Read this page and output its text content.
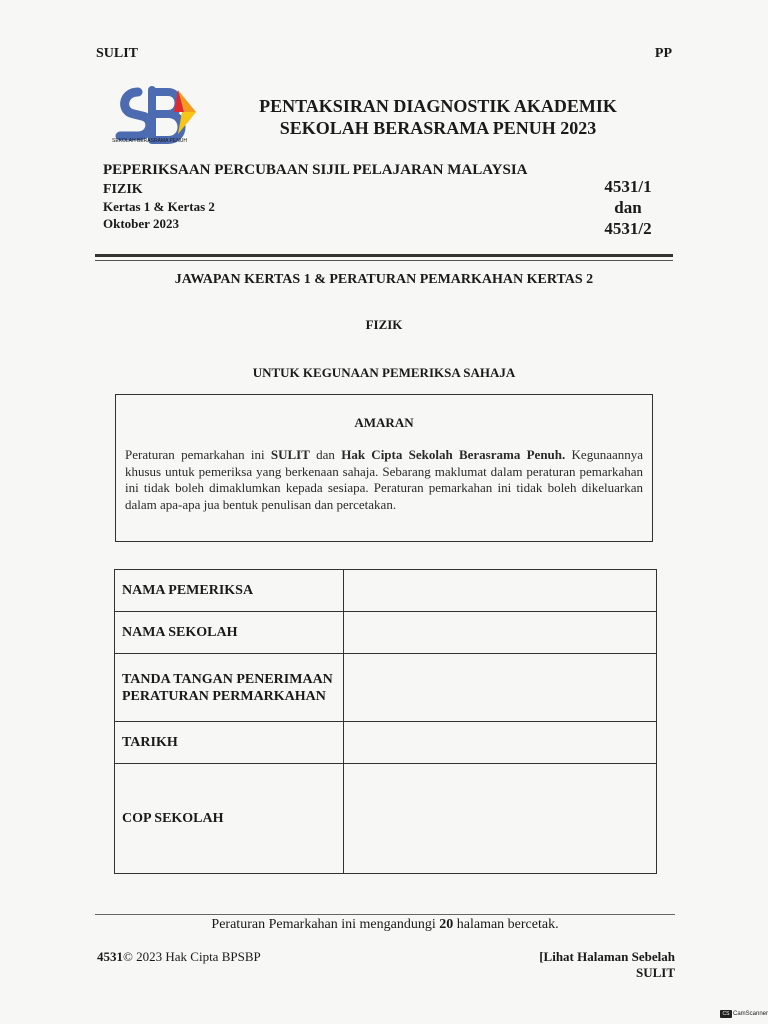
SULIT	PP
SEKOLAH BERASRAMA PENUH
PENTAKSIRAN DIAGNOSTIK AKADEMIK
SEKOLAH BERASRAMA PENUH 2023
PEPERIKSAAN PERCUBAAN SIJIL PELAJARAN MALAYSIA
FIZIK
Kertas 1 & Kertas 2
Oktober 2023
4531/1
dan
4531/2
JAWAPAN KERTAS 1 & PERATURAN PEMARKAHAN KERTAS 2
FIZIK
UNTUK KEGUNAAN PEMERIKSA SAHAJA
AMARAN
Peraturan pemarkahan ini SULIT dan Hak Cipta Sekolah Berasrama Penuh. Kegunaannya khusus untuk pemeriksa yang berkenaan sahaja. Sebarang maklumat dalam peraturan pemarkahan ini tidak boleh dimaklumkan kepada sesiapa. Peraturan pemarkahan ini tidak boleh dikeluarkan dalam apa-apa jua bentuk penulisan dan percetakan.
NAMA PEMERIKSA	
NAMA SEKOLAH	
TANDA TANGAN PENERIMAAN PERATURAN PERMARKAHAN	
TARIKH	
COP SEKOLAH	
Peraturan Pemarkahan ini mengandungi 20 halaman bercetak.
4531© 2023 Hak Cipta BPSBP	[Lihat Halaman Sebelah
SULIT
CS CamScanner
